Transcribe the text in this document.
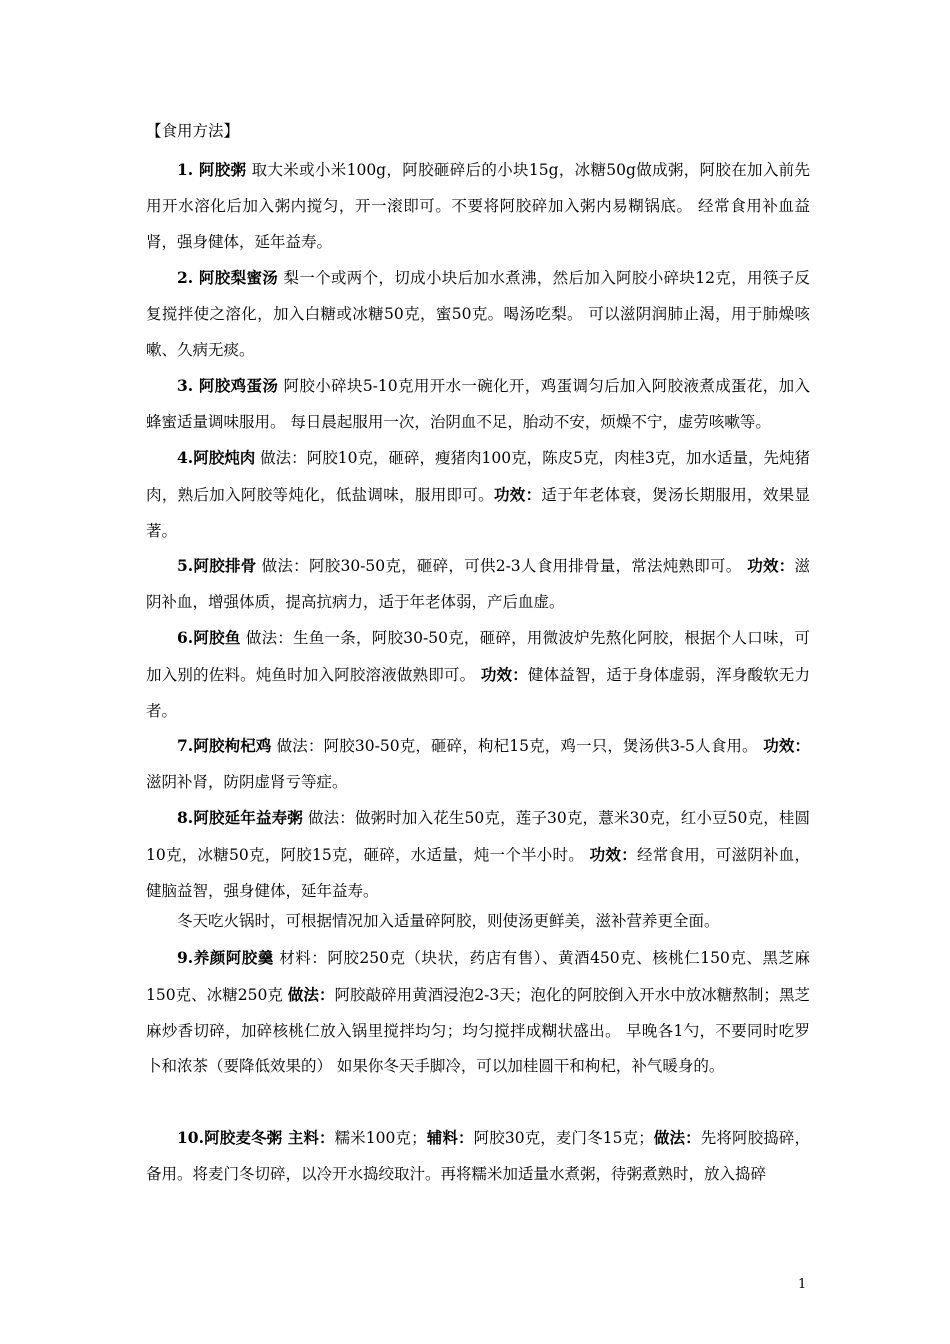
【食用方法】

1. 阿胶粥 取大米或小米100g，阿胶砸碎后的小块15g，冰糖50g做成粥，阿胶在加入前先用开水溶化后加入粥内搅匀，开一滚即可。不要将阿胶碎加入粥内易糊锅底。 经常食用补血益肾，强身健体，延年益寿。

2. 阿胶梨蜜汤 梨一个或两个，切成小块后加水煮沸，然后加入阿胶小碎块12克，用筷子反复搅拌使之溶化，加入白糖或冰糖50克，蜜50克。喝汤吃梨。 可以滋阴润肺止渴，用于肺燥咳嗽、久病无痰。

3. 阿胶鸡蛋汤 阿胶小碎块5-10克用开水一碗化开，鸡蛋调匀后加入阿胶液煮成蛋花，加入蜂蜜适量调味服用。 每日晨起服用一次，治阴血不足，胎动不安，烦燥不宁，虚劳咳嗽等。

4.阿胶炖肉 做法：阿胶10克，砸碎，瘦猪肉100克，陈皮5克，肉桂3克，加水适量，先炖猪肉，熟后加入阿胶等炖化，低盐调味，服用即可。功效：适于年老体衰，煲汤长期服用，效果显著。

5.阿胶排骨 做法：阿胶30-50克，砸碎，可供2-3人食用排骨量，常法炖熟即可。 功效：滋阴补血，增强体质，提高抗病力，适于年老体弱，产后血虚。

6.阿胶鱼 做法：生鱼一条，阿胶30-50克，砸碎，用微波炉先熬化阿胶，根据个人口味，可加入别的佐料。炖鱼时加入阿胶溶液做熟即可。 功效：健体益智，适于身体虚弱，浑身酸软无力者。

7.阿胶枸杞鸡 做法：阿胶30-50克，砸碎，枸杞15克，鸡一只，煲汤供3-5人食用。 功效：滋阴补肾，防阴虚肾亏等症。

8.阿胶延年益寿粥 做法：做粥时加入花生50克，莲子30克，薏米30克，红小豆50克，桂圆10克，冰糖50克，阿胶15克，砸碎，水适量，炖一个半小时。 功效：经常食用，可滋阴补血，健脑益智，强身健体，延年益寿。

冬天吃火锅时，可根据情况加入适量碎阿胶，则使汤更鲜美，滋补营养更全面。

9.养颜阿胶羹 材料：阿胶250克（块状，药店有售）、黄酒450克、核桃仁150克、黑芝麻150克、冰糖250克 做法：阿胶敲碎用黄酒浸泡2-3天；泡化的阿胶倒入开水中放冰糖熬制；黑芝麻炒香切碎，加碎核桃仁放入锅里搅拌均匀；均匀搅拌成糊状盛出。 早晚各1勺，不要同时吃罗卜和浓茶（要降低效果的） 如果你冬天手脚冷，可以加桂圆干和枸杞，补气暖身的。

10.阿胶麦冬粥 主料：糯米100克；辅料：阿胶30克，麦门冬15克；做法：先将阿胶捣碎，备用。将麦门冬切碎，以冷开水捣绞取汁。再将糯米加适量水煮粥，待粥煮熟时，放入捣碎

1
